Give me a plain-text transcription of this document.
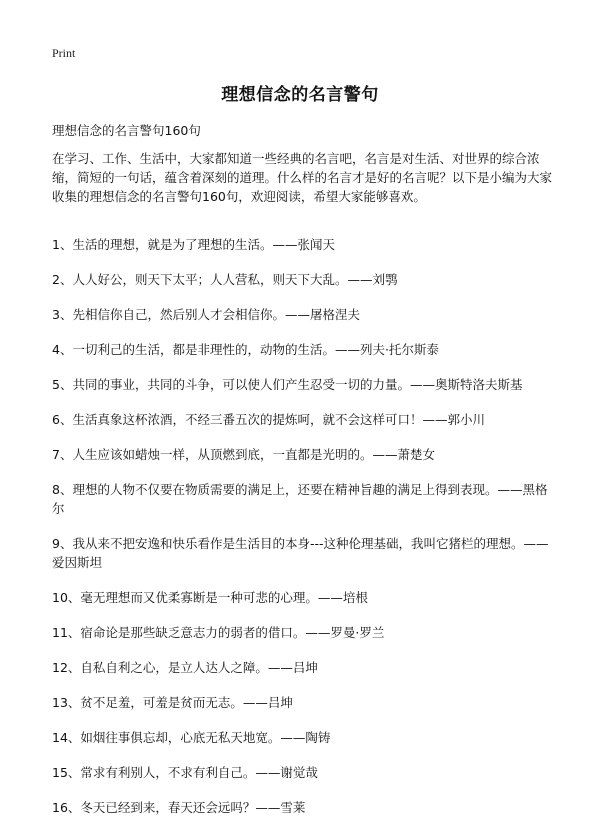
Print
理想信念的名言警句

理想信念的名言警句160句

在学习、工作、生活中，大家都知道一些经典的名言吧，名言是对生活、对世界的综合浓缩，简短的一句话，蕴含着深刻的道理。什么样的名言才是好的名言呢？以下是小编为大家收集的理想信念的名言警句160句，欢迎阅读，希望大家能够喜欢。

1、生活的理想，就是为了理想的生活。——张闻天
2、人人好公，则天下太平；人人营私，则天下大乱。——刘鹗
3、先相信你自己，然后别人才会相信你。——屠格涅夫
4、一切利己的生活，都是非理性的，动物的生活。——列夫·托尔斯泰
5、共同的事业，共同的斗争，可以使人们产生忍受一切的力量。——奥斯特洛夫斯基
6、生活真象这杯浓酒，不经三番五次的提炼呵，就不会这样可口！——郭小川
7、人生应该如蜡烛一样，从顶燃到底，一直都是光明的。——萧楚女
8、理想的人物不仅要在物质需要的满足上，还要在精神旨趣的满足上得到表现。——黑格尔
9、我从来不把安逸和快乐看作是生活目的本身---这种伦理基础，我叫它猪栏的理想。——爱因斯坦
10、毫无理想而又优柔寡断是一种可悲的心理。——培根
11、宿命论是那些缺乏意志力的弱者的借口。——罗曼·罗兰
12、自私自利之心，是立人达人之障。——吕坤
13、贫不足羞，可羞是贫而无志。——吕坤
14、如烟往事俱忘却，心底无私天地宽。——陶铸
15、常求有利别人，不求有利自己。——谢觉哉
16、冬天已经到来，春天还会远吗？——雪莱
